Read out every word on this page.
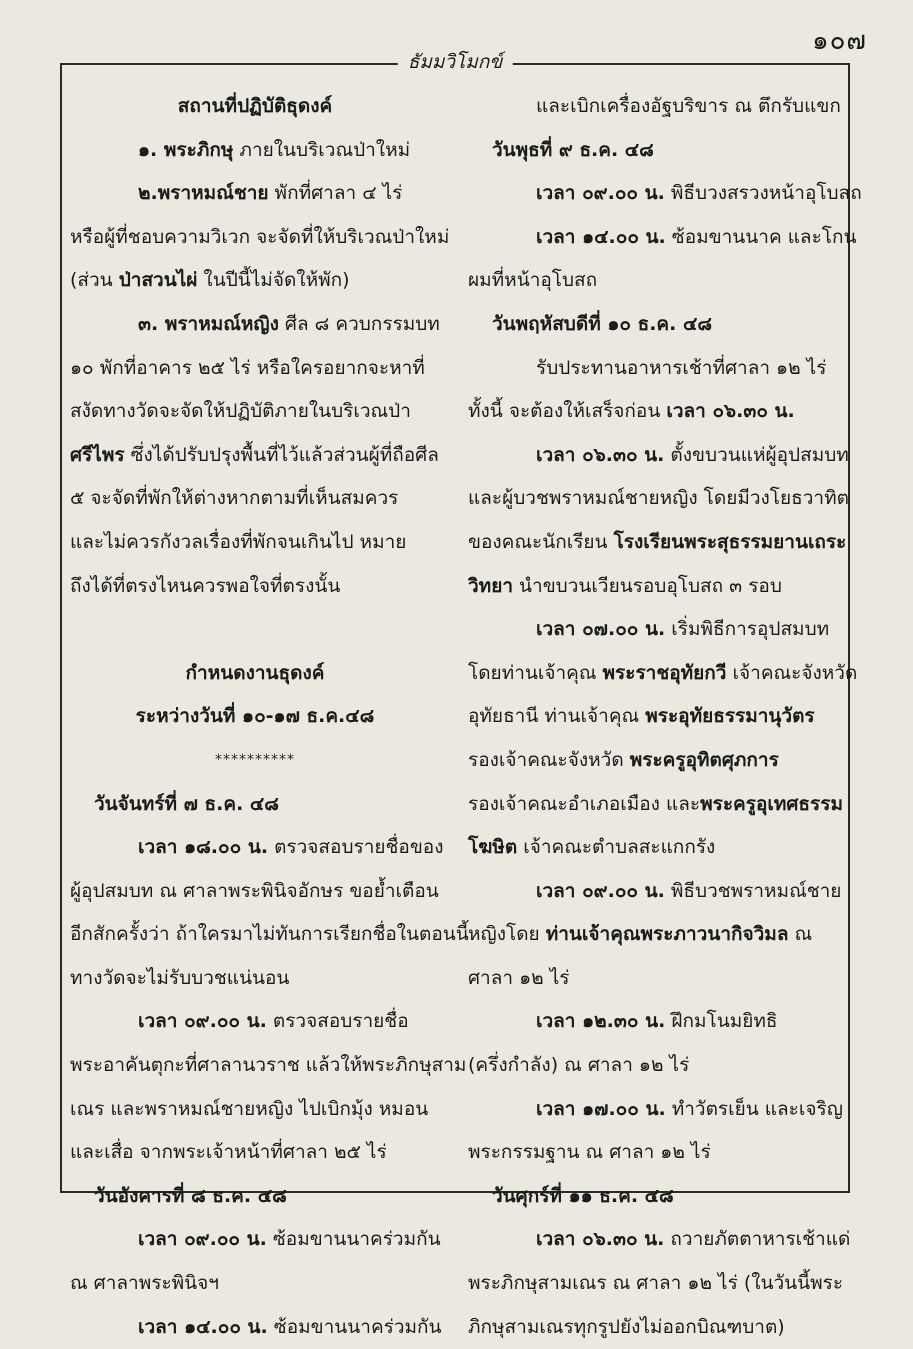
๑๐๗
ธัมมวิโมกข์
สถานที่ปฏิบัติธุดงค์
๑. พระภิกษุ ภายในบริเวณป่าใหม่
๒.พราหมณ์ชาย พักที่ศาลา ๔ ไร่
หรือผู้ที่ชอบความวิเวก จะจัดที่ให้บริเวณป่าใหม่
(ส่วน ป่าสวนไผ่ ในปีนี้ไม่จัดให้พัก)
๓. พราหมณ์หญิง ศีล ๘ ควบกรรมบท
๑๐ พักที่อาคาร ๒๕ ไร่ หรือใครอยากจะหาที่
สงัดทางวัดจะจัดให้ปฏิบัติภายในบริเวณป่า
ศรีไพร ซึ่งได้ปรับปรุงพื้นที่ไว้แล้วส่วนผู้ที่ถือศีล
๕ จะจัดที่พักให้ต่างหากตามที่เห็นสมควร
และไม่ควรกังวลเรื่องที่พักจนเกินไป หมาย
ถึงได้ที่ตรงไหนควรพอใจที่ตรงนั้น
กำหนดงานธุดงค์
ระหว่างวันที่ ๑๐-๑๗ ธ.ค.๔๘
**********
วันจันทร์ที่ ๗ ธ.ค. ๔๘
เวลา ๑๘.๐๐ น. ตรวจสอบรายชื่อของ
ผู้อุปสมบท ณ ศาลาพระพินิจอักษร ขอย้ำเตือน
อีกสักครั้งว่า ถ้าใครมาไม่ทันการเรียกชื่อในตอนนี้
ทางวัดจะไม่รับบวชแน่นอน
เวลา ๐๙.๐๐ น. ตรวจสอบรายชื่อ
พระอาคันตุกะที่ศาลานวราช แล้วให้พระภิกษุสาม
เณร และพราหมณ์ชายหญิง ไปเบิกมุ้ง หมอน
และเสื่อ จากพระเจ้าหน้าที่ศาลา ๒๕ ไร่
วันอังคารที่ ๘ ธ.ค. ๔๘
เวลา ๐๙.๐๐ น. ซ้อมขานนาคร่วมกัน
ณ ศาลาพระพินิจฯ
เวลา ๑๔.๐๐ น. ซ้อมขานนาคร่วมกัน
และเบิกเครื่องอัฐบริขาร ณ ตึกรับแขก
วันพุธที่ ๙ ธ.ค. ๔๘
เวลา ๐๙.๐๐ น. พิธีบวงสรวงหน้าอุโบสถ
เวลา ๑๔.๐๐ น. ซ้อมขานนาค และโกน
ผมที่หน้าอุโบสถ
วันพฤหัสบดีที่ ๑๐ ธ.ค. ๔๘
รับประทานอาหารเช้าที่ศาลา ๑๒ ไร่
ทั้งนี้ จะต้องให้เสร็จก่อน เวลา ๐๖.๓๐ น.
เวลา ๐๖.๓๐ น. ตั้งขบวนแห่ผู้อุปสมบท
และผู้บวชพราหมณ์ชายหญิง โดยมีวงโยธวาทิต
ของคณะนักเรียน โรงเรียนพระสุธรรมยานเถระ
วิทยา นำขบวนเวียนรอบอุโบสถ ๓ รอบ
เวลา ๐๗.๐๐ น. เริ่มพิธีการอุปสมบท
โดยท่านเจ้าคุณ พระราชอุทัยกวี เจ้าคณะจังหวัด
อุทัยธานี ท่านเจ้าคุณ พระอุทัยธรรมานุวัตร
รองเจ้าคณะจังหวัด พระครูอุทิตศุภการ
รองเจ้าคณะอำเภอเมือง และพระครูอุเทศธรรม
โฆษิต เจ้าคณะตำบลสะแกกรัง
เวลา ๐๙.๐๐ น. พิธีบวชพราหมณ์ชาย
หญิงโดย ท่านเจ้าคุณพระภาวนากิจวิมล ณ
ศาลา ๑๒ ไร่
เวลา ๑๒.๓๐ น. ฝึกมโนมยิทธิ
(ครึ่งกำลัง) ณ ศาลา ๑๒ ไร่
เวลา ๑๗.๐๐ น. ทำวัตรเย็น และเจริญ
พระกรรมฐาน ณ ศาลา ๑๒ ไร่
วันศุกร์ที่ ๑๑ ธ.ค. ๔๘
เวลา ๐๖.๓๐ น. ถวายภัตตาหารเช้าแด่
พระภิกษุสามเณร ณ ศาลา ๑๒ ไร่ (ในวันนี้พระ
ภิกษุสามเณรทุกรูปยังไม่ออกบิณฑบาต)
